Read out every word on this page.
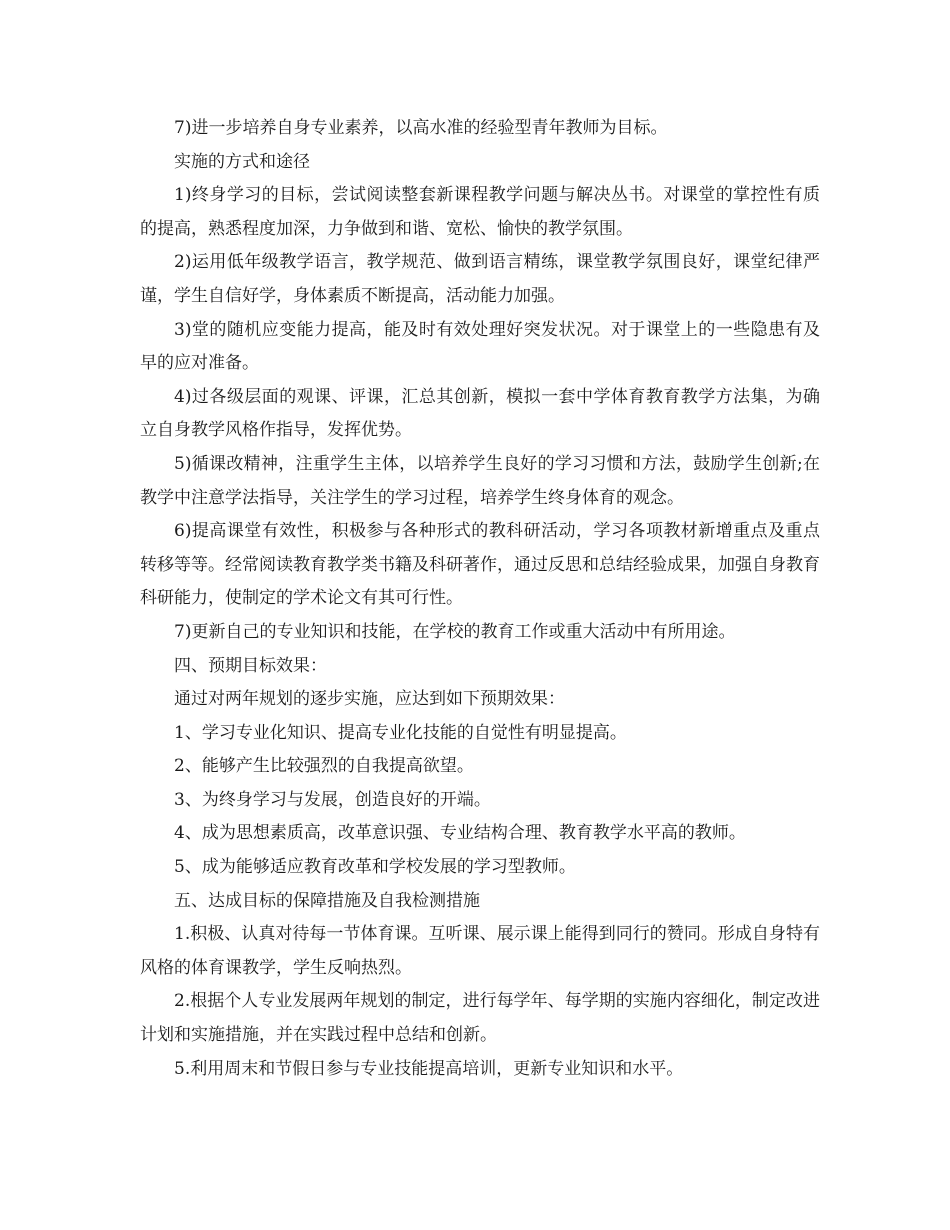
7)进一步培养自身专业素养，以高水准的经验型青年教师为目标。

实施的方式和途径

1)终身学习的目标，尝试阅读整套新课程教学问题与解决丛书。对课堂的掌控性有质的提高，熟悉程度加深，力争做到和谐、宽松、愉快的教学氛围。

2)运用低年级教学语言，教学规范、做到语言精练，课堂教学氛围良好，课堂纪律严谨，学生自信好学，身体素质不断提高，活动能力加强。

3)堂的随机应变能力提高，能及时有效处理好突发状况。对于课堂上的一些隐患有及早的应对准备。

4)过各级层面的观课、评课，汇总其创新，模拟一套中学体育教育教学方法集，为确立自身教学风格作指导，发挥优势。

5)循课改精神，注重学生主体，以培养学生良好的学习习惯和方法，鼓励学生创新;在教学中注意学法指导，关注学生的学习过程，培养学生终身体育的观念。

6)提高课堂有效性，积极参与各种形式的教科研活动，学习各项教材新增重点及重点转移等等。经常阅读教育教学类书籍及科研著作，通过反思和总结经验成果，加强自身教育科研能力，使制定的学术论文有其可行性。

7)更新自己的专业知识和技能，在学校的教育工作或重大活动中有所用途。

四、预期目标效果：

通过对两年规划的逐步实施，应达到如下预期效果：

1、学习专业化知识、提高专业化技能的自觉性有明显提高。

2、能够产生比较强烈的自我提高欲望。

3、为终身学习与发展，创造良好的开端。

4、成为思想素质高，改革意识强、专业结构合理、教育教学水平高的教师。

5、成为能够适应教育改革和学校发展的学习型教师。

五、达成目标的保障措施及自我检测措施

1.积极、认真对待每一节体育课。互听课、展示课上能得到同行的赞同。形成自身特有风格的体育课教学，学生反响热烈。

2.根据个人专业发展两年规划的制定，进行每学年、每学期的实施内容细化，制定改进计划和实施措施，并在实践过程中总结和创新。

5.利用周末和节假日参与专业技能提高培训，更新专业知识和水平。
